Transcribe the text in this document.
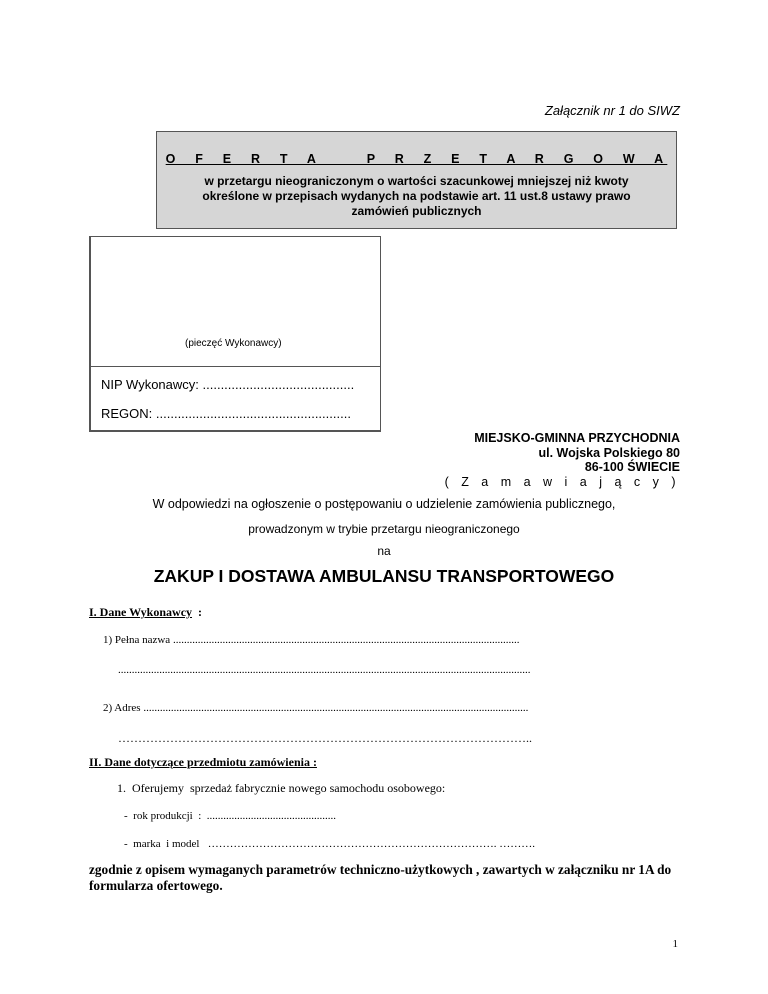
Załącznik nr 1 do SIWZ
O F E R T A   P R Z E T A R G O W A
w przetargu nieograniczonym o wartości szacunkowej mniejszej niż kwoty określone w przepisach wydanych na podstawie art. 11 ust.8 ustawy prawo zamówień publicznych
(pieczęć Wykonawcy)
NIP Wykonawcy: ..........................................
REGON: ......................................................
MIEJSKO-GMINNA PRZYCHODNIA
ul. Wojska Polskiego 80
86-100 ŚWIECIE
( Z a m a w i a j ą c y )
W odpowiedzi na ogłoszenie o postępowaniu o udzielenie zamówienia publicznego,
prowadzonym w trybie przetargu nieograniczonego
na
ZAKUP I DOSTAWA AMBULANSU TRANSPORTOWEGO
I. Dane Wykonawcy  :
1) Pełna nazwa ..............................................................................................................................
......................................................................................................................................................
2) Adres ............................................................................................................................................
…………………………………………………………………………………………..
II. Dane dotyczące przedmiotu zamówienia :
1.  Oferujemy  sprzedaż fabrycznie nowego samochodu osobowego:
-  rok produkcji  :  ...............................................
-  marka  i model   ……………………………………………………………………. ……….
zgodnie z opisem wymaganych parametrów techniczno-użytkowych , zawartych w załączniku nr 1A do formularza ofertowego.
1
